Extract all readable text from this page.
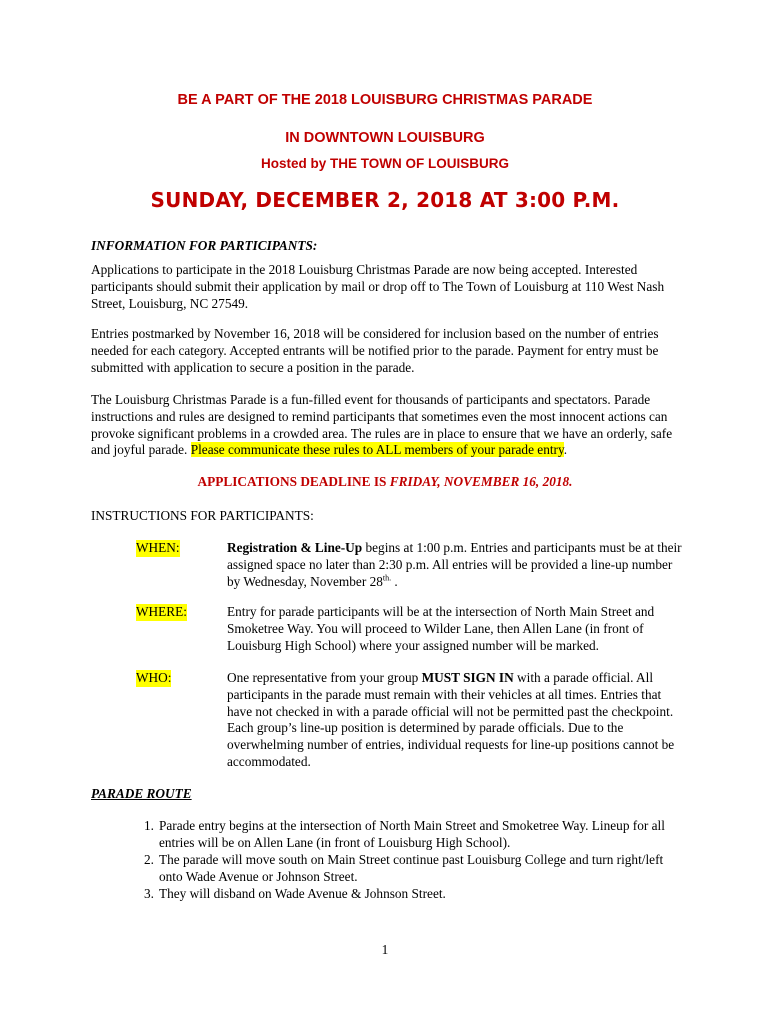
BE A PART OF THE 2018 LOUISBURG CHRISTMAS PARADE
IN DOWNTOWN LOUISBURG
Hosted by THE TOWN OF LOUISBURG
SUNDAY, DECEMBER 2, 2018 AT 3:00 P.M.
INFORMATION FOR PARTICIPANTS:
Applications to participate in the 2018 Louisburg Christmas Parade are now being accepted. Interested participants should submit their application by mail or drop off to The Town of Louisburg at 110 West Nash Street, Louisburg, NC 27549.
Entries postmarked by November 16, 2018 will be considered for inclusion based on the number of entries needed for each category. Accepted entrants will be notified prior to the parade. Payment for entry must be submitted with application to secure a position in the parade.
The Louisburg Christmas Parade is a fun-filled event for thousands of participants and spectators. Parade instructions and rules are designed to remind participants that sometimes even the most innocent actions can provoke significant problems in a crowded area. The rules are in place to ensure that we have an orderly, safe and joyful parade. Please communicate these rules to ALL members of your parade entry.
APPLICATIONS DEADLINE IS FRIDAY, NOVEMBER 16, 2018.
INSTRUCTIONS FOR PARTICIPANTS:
WHEN:	Registration & Line-Up begins at 1:00 p.m. Entries and participants must be at their assigned space no later than 2:30 p.m. All entries will be provided a line-up number by Wednesday, November $28^{th.}$ .
WHERE:	Entry for parade participants will be at the intersection of North Main Street and Smoketree Way. You will proceed to Wilder Lane, then Allen Lane (in front of Louisburg High School) where your assigned number will be marked.
WHO:	One representative from your group MUST SIGN IN with a parade official. All participants in the parade must remain with their vehicles at all times. Entries that have not checked in with a parade official will not be permitted past the checkpoint. Each group’s line-up position is determined by parade officials. Due to the overwhelming number of entries, individual requests for line-up positions cannot be accommodated.
PARADE ROUTE
1. Parade entry begins at the intersection of North Main Street and Smoketree Way. Lineup for all entries will be on Allen Lane (in front of Louisburg High School).
2. The parade will move south on Main Street continue past Louisburg College and turn right/left onto Wade Avenue or Johnson Street.
3. They will disband on Wade Avenue & Johnson Street.
1
